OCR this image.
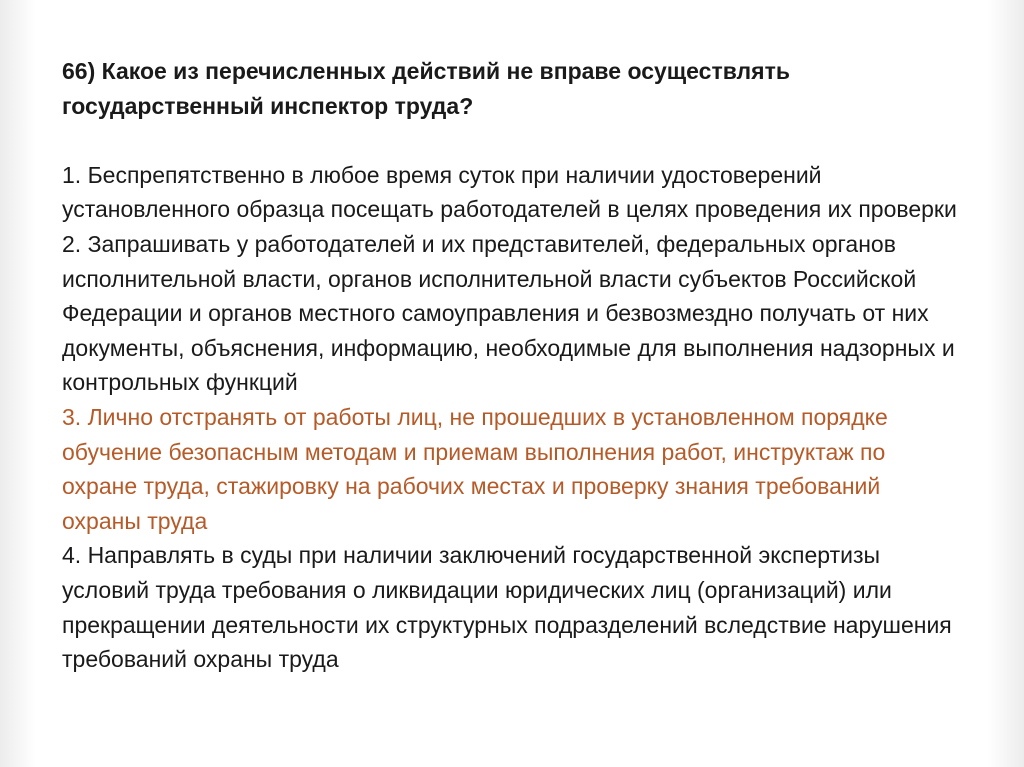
66) Какое из перечисленных действий не вправе осуществлять государственный инспектор труда?

1. Беспрепятственно в любое время суток при наличии удостоверений установленного образца посещать работодателей в целях проведения их проверки

2. Запрашивать у работодателей и их представителей, федеральных органов исполнительной власти, органов исполнительной власти субъектов Российской Федерации и органов местного самоуправления и безвозмездно получать от них документы, объяснения, информацию, необходимые для выполнения надзорных и контрольных функций

3. Лично отстранять от работы лиц, не прошедших в установленном порядке обучение безопасным методам и приемам выполнения работ, инструктаж по охране труда, стажировку на рабочих местах и проверку знания требований охраны труда

4. Направлять в суды при наличии заключений государственной экспертизы условий труда требования о ликвидации юридических лиц (организаций) или прекращении деятельности их структурных подразделений вследствие нарушения требований охраны труда
